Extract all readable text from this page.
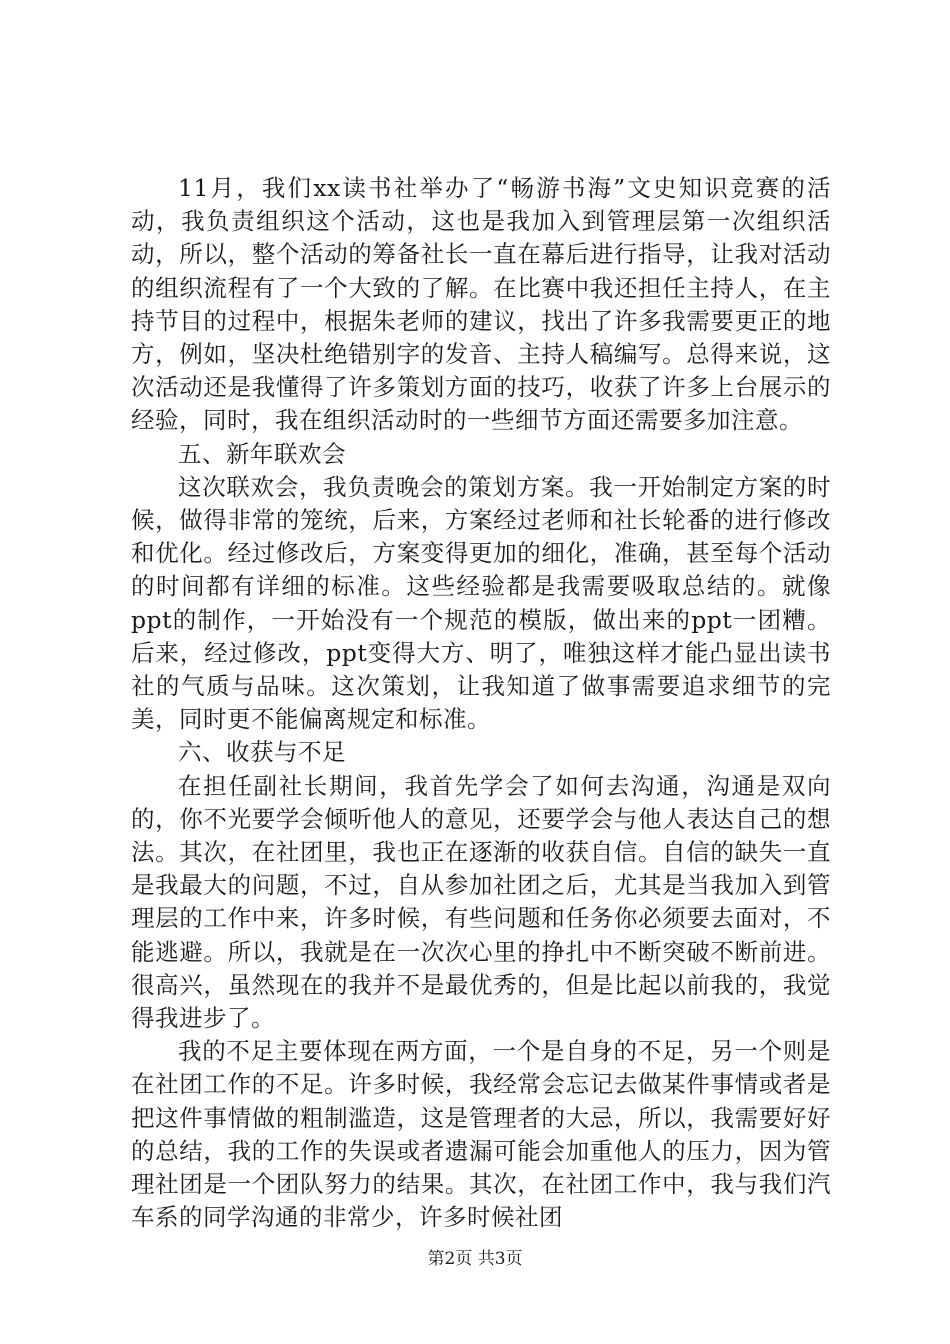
11月，我们xx读书社举办了“畅游书海”文史知识竞赛的活动，我负责组织这个活动，这也是我加入到管理层第一次组织活动，所以，整个活动的筹备社长一直在幕后进行指导，让我对活动的组织流程有了一个大致的了解。在比赛中我还担任主持人，在主持节目的过程中，根据朱老师的建议，找出了许多我需要更正的地方，例如，坚决杜绝错别字的发音、主持人稿编写。总得来说，这次活动还是我懂得了许多策划方面的技巧，收获了许多上台展示的经验，同时，我在组织活动时的一些细节方面还需要多加注意。

五、新年联欢会

这次联欢会，我负责晚会的策划方案。我一开始制定方案的时候，做得非常的笼统，后来，方案经过老师和社长轮番的进行修改和优化。经过修改后，方案变得更加的细化，准确，甚至每个活动的时间都有详细的标准。这些经验都是我需要吸取总结的。就像ppt的制作，一开始没有一个规范的模版，做出来的ppt一团糟。后来，经过修改，ppt变得大方、明了，唯独这样才能凸显出读书社的气质与品味。这次策划，让我知道了做事需要追求细节的完美，同时更不能偏离规定和标准。

六、收获与不足

在担任副社长期间，我首先学会了如何去沟通，沟通是双向的，你不光要学会倾听他人的意见，还要学会与他人表达自己的想法。其次，在社团里，我也正在逐渐的收获自信。自信的缺失一直是我最大的问题，不过，自从参加社团之后，尤其是当我加入到管理层的工作中来，许多时候，有些问题和任务你必须要去面对，不能逃避。所以，我就是在一次次心里的挣扎中不断突破不断前进。很高兴，虽然现在的我并不是最优秀的，但是比起以前我的，我觉得我进步了。

我的不足主要体现在两方面，一个是自身的不足，另一个则是在社团工作的不足。许多时候，我经常会忘记去做某件事情或者是把这件事情做的粗制滥造，这是管理者的大忌，所以，我需要好好的总结，我的工作的失误或者遗漏可能会加重他人的压力，因为管理社团是一个团队努力的结果。其次，在社团工作中，我与我们汽车系的同学沟通的非常少，许多时候社团

第2页 共3页
